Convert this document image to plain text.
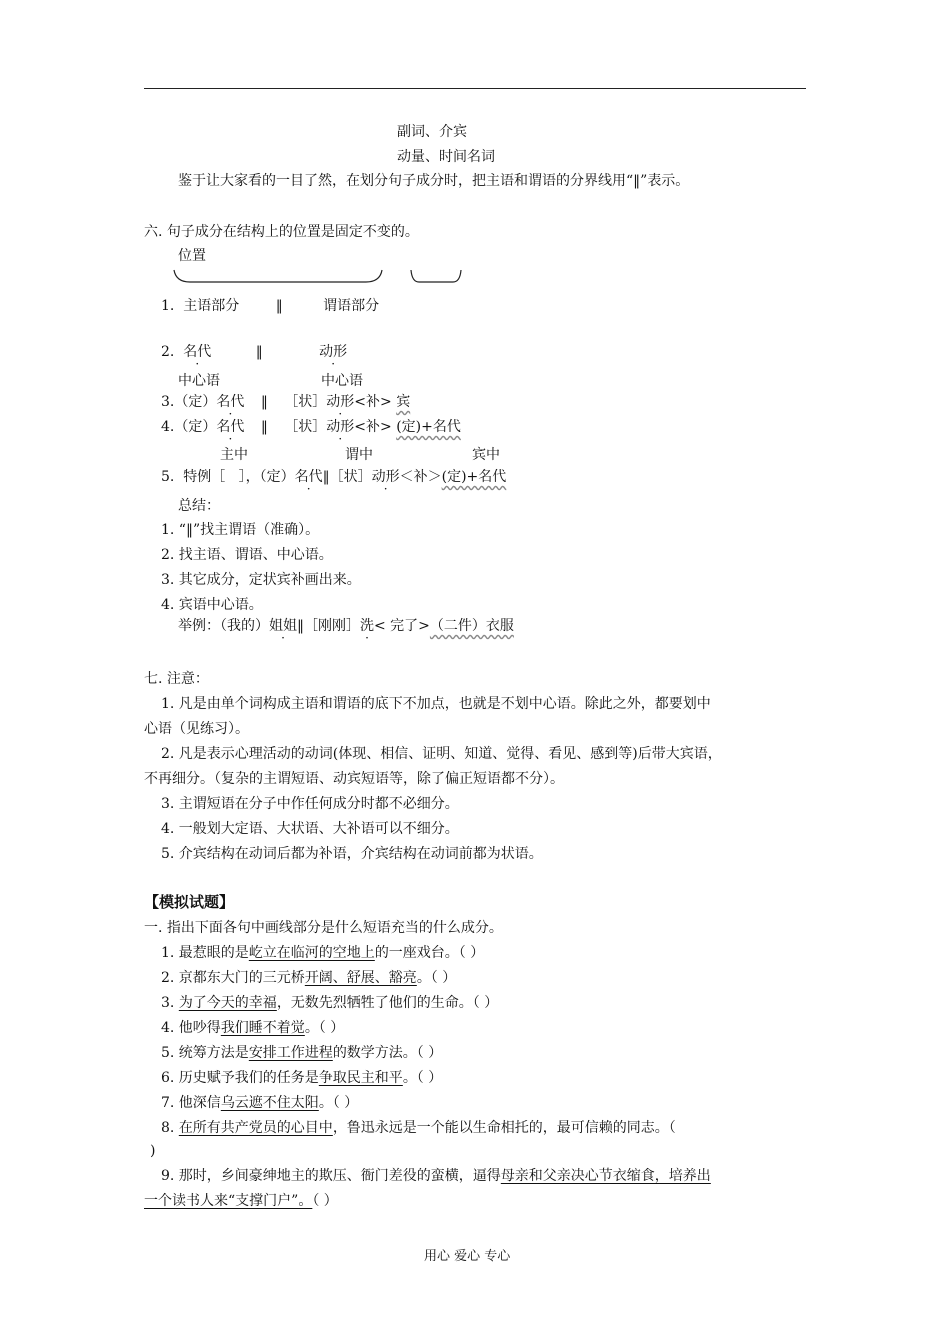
副词、介宾
动量、时间名词
鉴于让大家看的一目了然，在划分句子成分时，把主语和谓语的分界线用“‖”表示。
六. 句子成分在结构上的位置是固定不变的。
位置
1. 主语部分	‖	谓语部分
2. 名代	‖	动形
中心语	中心语
3.（定）名代 ‖ ［状］动形<补> 宾
4.（定）名代 ‖ ［状］动形<补> (定)+名代
主中	谓中	宾中
5. 特例［ ］，（定）名代‖［状］动形＜补＞(定)+名代
总结：
1. “‖”找主谓语（准确）。
2. 找主语、谓语、中心语。
3. 其它成分，定状宾补画出来。
4. 宾语中心语。
举例：（我的）姐姐‖［刚刚］洗< 完了>（二件）衣服
七. 注意：
1. 凡是由单个词构成主语和谓语的底下不加点，也就是不划中心语。除此之外，都要划中
心语（见练习）。
2. 凡是表示心理活动的动词(体现、相信、证明、知道、觉得、看见、感到等)后带大宾语，
不再细分。（复杂的主谓短语、动宾短语等，除了偏正短语都不分）。
3. 主谓短语在分子中作任何成分时都不必细分。
4. 一般划大定语、大状语、大补语可以不细分。
5. 介宾结构在动词后都为补语，介宾结构在动词前都为状语。
【模拟试题】
一. 指出下面各句中画线部分是什么短语充当的什么成分。
1. 最惹眼的是屹立在临河的空地上的一座戏台。（ ）
2. 京都东大门的三元桥开阔、舒展、豁亮。（ ）
3. 为了今天的幸福，无数先烈牺牲了他们的生命。（ ）
4. 他吵得我们睡不着觉。（ ）
5. 统筹方法是安排工作进程的数学方法。（ ）
6. 历史赋予我们的任务是争取民主和平。（ ）
7. 他深信乌云遮不住太阳。（ ）
8. 在所有共产党员的心目中，鲁迅永远是一个能以生命相托的，最可信赖的同志。（
)
9. 那时，乡间豪绅地主的欺压、衙门差役的蛮横，逼得母亲和父亲决心节衣缩食，培养出
一个读书人来“支撑门户”。（ ）
用心 爱心 专心
